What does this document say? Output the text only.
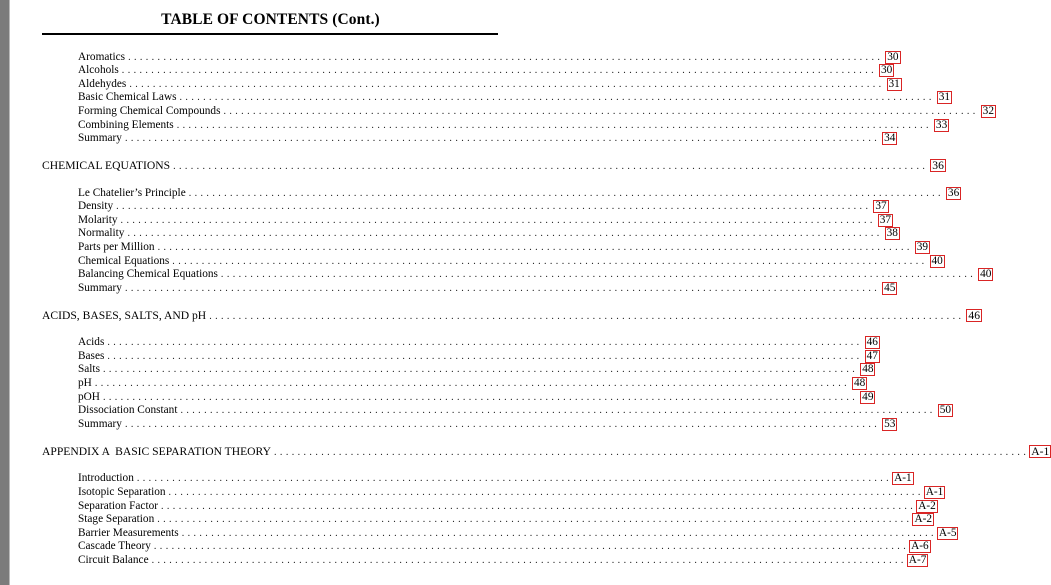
TABLE OF CONTENTS (Cont.)
Aromatics ................................................................................................................................ 30
Alcohols ................................................................................................................................ 30
Aldehydes ................................................................................................................................ 31
Basic Chemical Laws ................................................................................................................................ 31
Forming Chemical Compounds ................................................................................................................................ 32
Combining Elements ................................................................................................................................ 33
Summary ................................................................................................................................ 34
CHEMICAL EQUATIONS ................................................................................................................................ 36
Le Chatelier’s Principle ................................................................................................................................ 36
Density ................................................................................................................................ 37
Molarity ................................................................................................................................ 37
Normality ................................................................................................................................ 38
Parts per Million ................................................................................................................................ 39
Chemical Equations ................................................................................................................................ 40
Balancing Chemical Equations ................................................................................................................................ 40
Summary ................................................................................................................................ 45
ACIDS, BASES, SALTS, AND pH ................................................................................................................................ 46
Acids ................................................................................................................................ 46
Bases ................................................................................................................................ 47
Salts ................................................................................................................................ 48
pH ................................................................................................................................ 48
pOH ................................................................................................................................ 49
Dissociation Constant ................................................................................................................................ 50
Summary ................................................................................................................................ 53
APPENDIX A  BASIC SEPARATION THEORY ................................................................................................................................ A-1
Introduction ................................................................................................................................ A-1
Isotopic Separation ................................................................................................................................ A-1
Separation Factor ................................................................................................................................ A-2
Stage Separation ................................................................................................................................ A-2
Barrier Measurements ................................................................................................................................ A-5
Cascade Theory ................................................................................................................................ A-6
Circuit Balance ................................................................................................................................ A-7
